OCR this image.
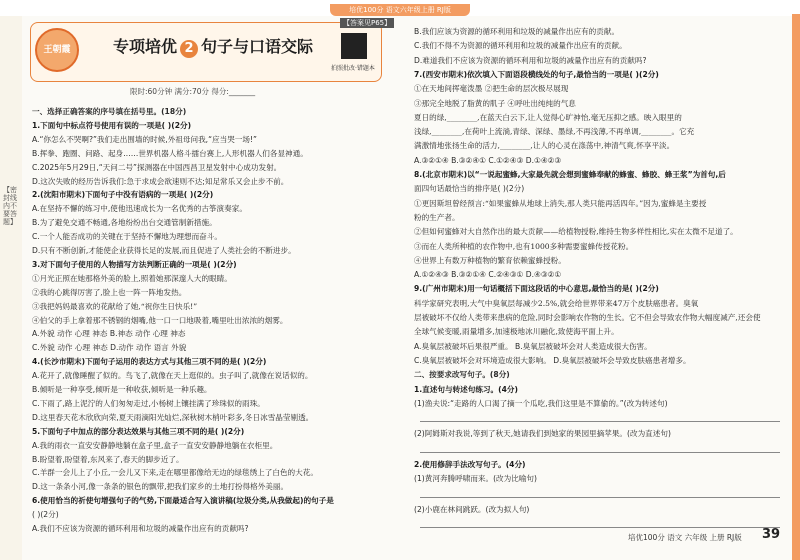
培优100分 语文六年级上册 RJ版
【密封线内不要答题】
王朝霞	专项培优 2 句子与口语交际
拍照批改·错题本
【答案见P65】
限时:60分钟 满分:70分 得分:_______
一、选择正确答案的序号填在括号里。(18分)
1.下面句中标点符号使用有误的一项是( )(2分)
A.“你怎么不哭啊?”我们走出围墙的时候,外祖母问我,“应当哭一场!”
B.挥拳、跑圈、问路、起身……世界机器人格斗擂台赛上,人形机器人们各显神通。
C.2025年5月29日,“天问二号”探测器在中国西昌卫星发射中心成功发射。
D.这次失败的经历告诉我们:急于求成会欲速则不达;知足常乐又会止步不前。
2.(沈阳市期末)下面句子中没有语病的一项是( )(2分)
A.在坚持不懈的练习中,使他迅速成长为一名优秀的古筝演奏家。
B.为了避免交通不畅通,各地纷纷出台交通管制新措施。
C.一个人能否成功的关键在于坚持不懈地为理想而奋斗。
D.只有不断创新,才能使企业获得长足的发展,而且促进了人类社会的不断进步。
3.对下面句子使用的人物描写方法判断正确的一项是( )(2分)
①月光正照在她那格外美的脸上,照着她那深邃人大的眼睛。
②我的心跳得厉害了,脸上也一阵一阵地发热。
③我把妈妈最喜欢的花献给了她,“祝你生日快乐!”
④伯父的手上拿着那不锈钢的烟嘴,他一口一口地吸着,嘴里吐出浓浓的烟雾。
A.外貌 动作 心理 神态 B.神态 动作 心理 神态
C.外貌 动作 心理 神态 D.动作 动作 语言 外貌
4.(长沙市期末)下面句子运用的表达方式与其他三项不同的是( )(2分)
A.花开了,就像睡醒了似的。鸟飞了,就像在天上逛似的。虫子叫了,就像在说话似的。
B.倾听是一种享受,倾听是一种收获,倾听是一种乐趣。
C.下雨了,路上泥泞的人们匆匆走过,小杨树上镶挂满了珍珠似的雨珠。
D.这里春天花木欣欣向荣,夏天雨滴阳光灿烂,深秋树木梢叶彩多,冬日冰雪晶莹剔透。
5.下面句子中加点的部分表达效果与其他三项不同的是( )(2分)
A.我的雨衣一直安安静静地躺在盒子里,盒子一直安安静静地躺在衣柜里。
B.盼望着,盼望着,东风来了,春天的脚步近了。
C.羊群一会儿上了小丘,一会儿又下来,走在哪里都像给无边的绿毯绣上了白色的大花。
D.这一条条小河,像一条条的银色的飘带,把我们家乡的土地打扮得格外美丽。
6.使用恰当的祈使句增强句子的气势,下面最适合写入演讲稿(垃圾分类,从我做起)的句子是
( )(2分)
A.我们不应该为资源的循环利用和垃圾的减量作出应有的贡献吗?
B.我们应该为资源的循环利用和垃圾的减量作出应有的贡献。
C.我们不得不为资源的循环利用和垃圾的减量作出应有的贡献。
D.难道我们不应该为资源的循环利用和垃圾的减量作出应有的贡献吗?
7.(西安市期末)依次填入下面语段横线处的句子,最恰当的一项是( )(2分)
①在天地间挥毫泼墨 ②把生命的层次极尽展现
③那完全地脱了脂黄的肌子 ④呼吐出纯纯的气息
夏日的绿,________,在蓝天白云下,让人觉得心旷神怡,毫无压抑之感。映入眼里的
浅绿,________,在荷叶上流淌,青绿、深绿、墨绿,不再浅薄,不再单调,________。它充
满激情地张扬生命的活力,________,让人的心灵在涤荡中,神清气爽,怀享平淡。
A.③②①④ B.③②④① C.①②④③ D.①④②③
8.(北京市期末)以“一说起蜜蜂,大家最先就会想到蜜蜂奉献的蜂蜜、蜂胶、蜂王浆”为首句,后
面四句话最恰当的排序是( )(2分)
①更因斯坦曾经预言:“如果蜜蜂从地球上消失,那人类只能再活四年。”因为,蜜蜂是主要授
粉的生产者。
②但如何蜜蜂对大自然作出的最大贡献——给植物授粉,维持生物多样性相比,实在太微不足道了。
③而在人类所种植的农作物中,也有1000多种需要蜜蜂传授花粉。
④世界上有数万种植物的繁育依赖蜜蜂授粉。
A.①②④③ B.③②①④ C.②④③① D.④③②①
9.(广州市期末)用一句话概括下面这段话的中心意思,最恰当的是( )(2分)
科学家研究表明,大气中臭氧层每减少2.5%,就会给世界带来47万个皮肤癌患者。臭氧
层被破坏不仅给人类带来患病的危险,同时会影响农作物的生长。它不但会导致农作物大幅度减产,还会使
全球气候变暖,雨量增多,加速极地冰川融化,致使海平面上升。
A.臭氧层被破坏后果很严重。 B.臭氧层被破坏会对人类造成很大伤害。
C.臭氧层被破坏会对环境造成很大影响。 D.臭氧层被破坏会导致皮肤癌患者增多。
二、按要求改写句子。(8分)
1.直述句与转述句练习。(4分)
(1)渔夫说:“走路的人口渴了摘一个瓜吃,我们这里是不算偷的。”(改为转述句)
(2)阿姆斯对我说,等到了秋天,她请我们到她家的果园里摘苹果。(改为直述句)
2.使用修辞手法改写句子。(4分)
(1)黄河奔腾呼啸而来。(改为比喻句)
(2)小鹿在林间跳跃。(改为拟人句)
培优100分 语文 六年级 上册 RJ版 39
